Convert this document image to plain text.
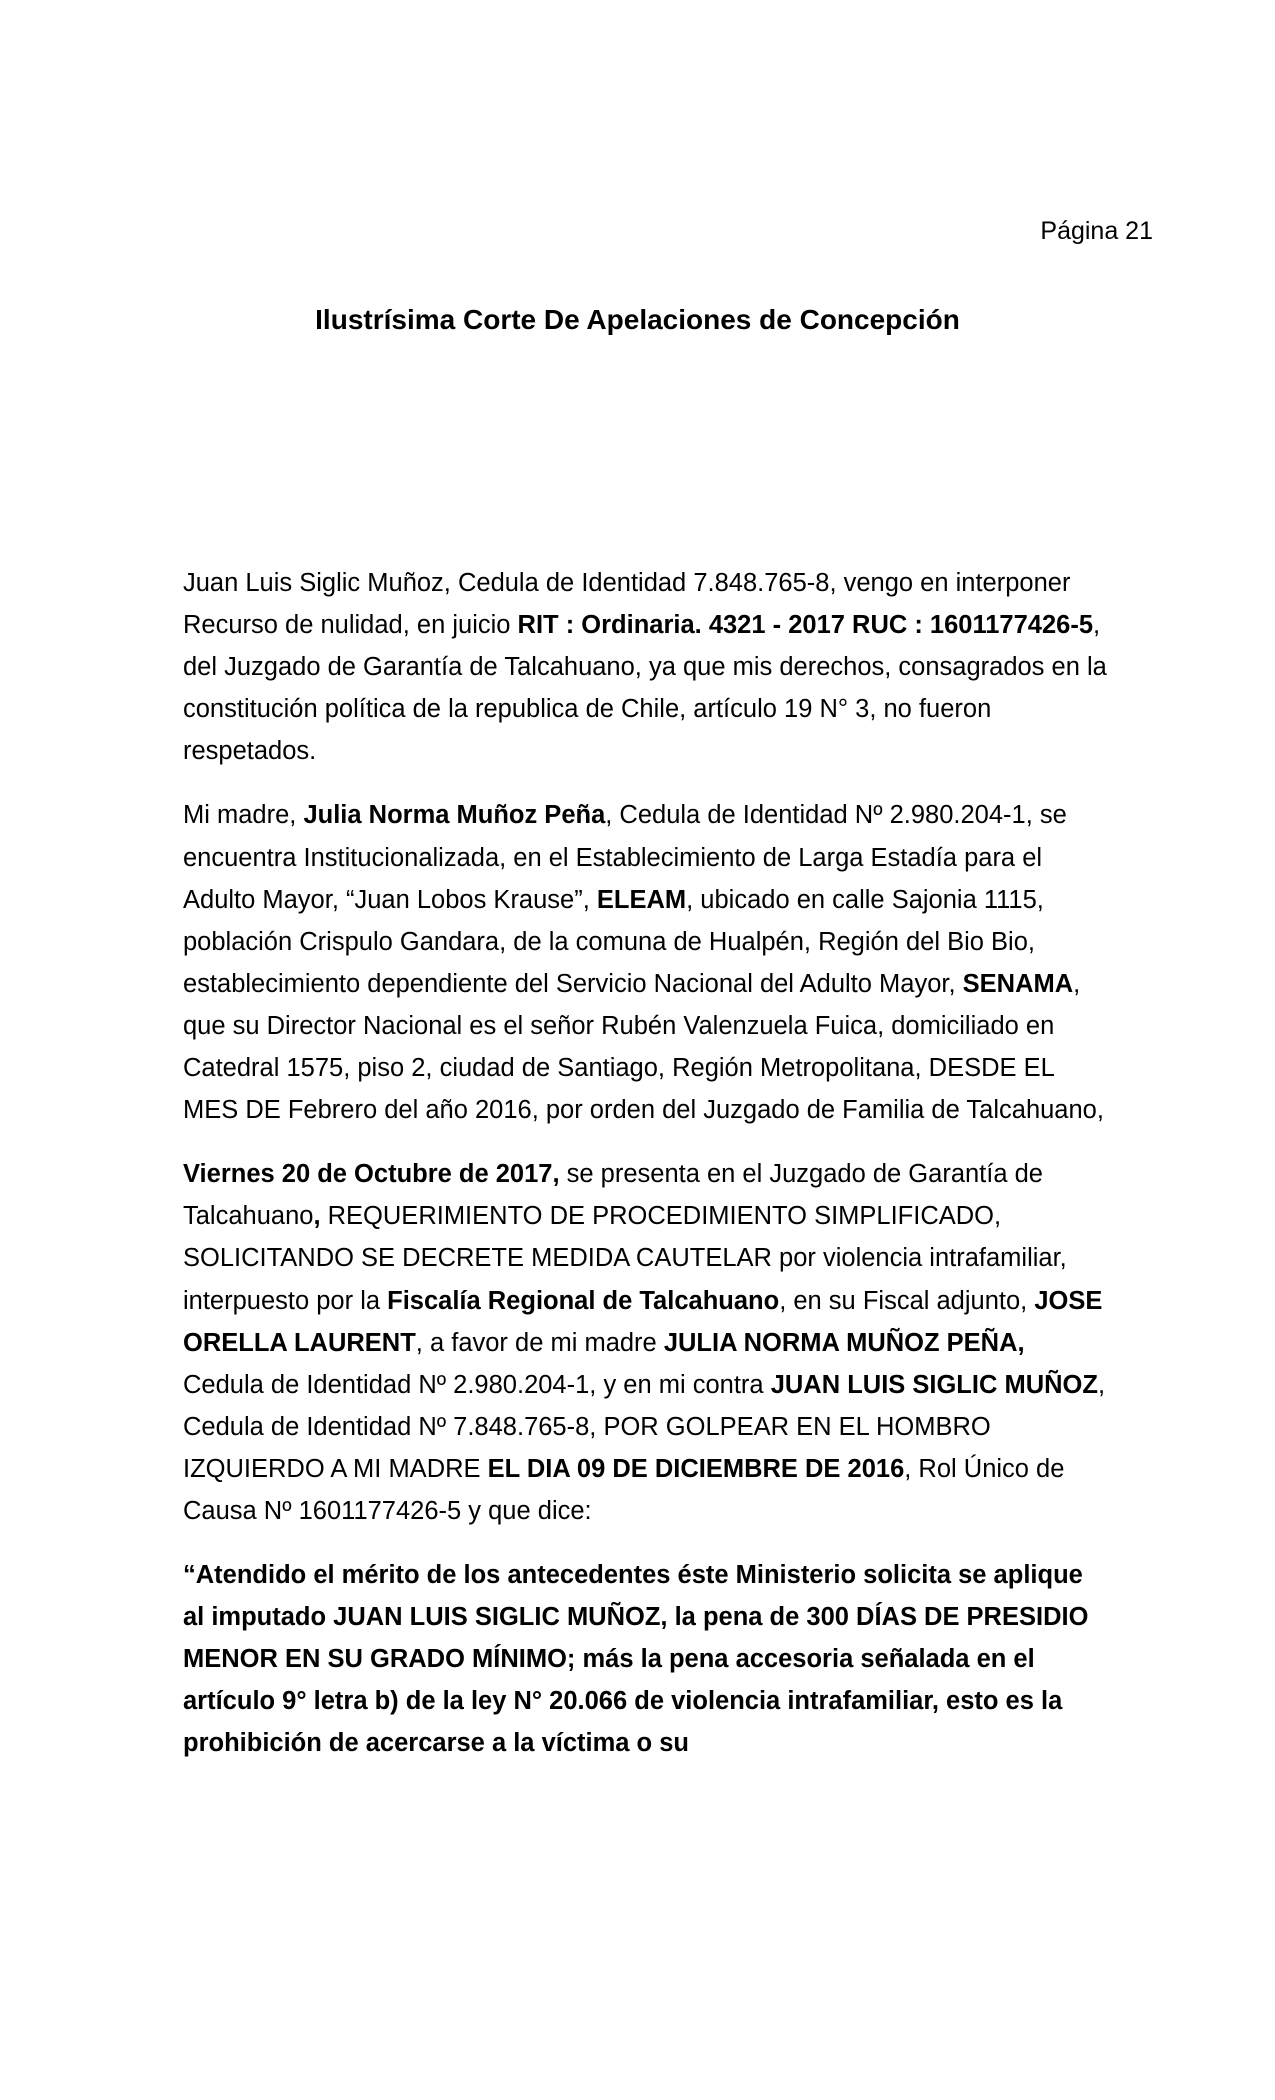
Página 21
Ilustrísima Corte De Apelaciones de Concepción

Juan Luis Siglic Muñoz, Cedula de Identidad 7.848.765-8, vengo en interponer Recurso de nulidad, en juicio RIT : Ordinaria. 4321 - 2017 RUC : 1601177426-5, del Juzgado de Garantía de Talcahuano, ya que mis derechos, consagrados en la constitución política de la republica de Chile, artículo 19 N° 3, no fueron respetados.

Mi madre, Julia Norma Muñoz Peña, Cedula de Identidad Nº 2.980.204-1, se encuentra Institucionalizada, en el Establecimiento de Larga Estadía para el Adulto Mayor, “Juan Lobos Krause”, ELEAM, ubicado en calle Sajonia 1115, población Crispulo Gandara, de la comuna de Hualpén, Región del Bio Bio, establecimiento dependiente del Servicio Nacional del Adulto Mayor, SENAMA, que su Director Nacional es el señor Rubén Valenzuela Fuica, domiciliado en Catedral 1575, piso 2, ciudad de Santiago, Región Metropolitana, DESDE EL MES DE Febrero del año 2016, por orden del Juzgado de Familia de Talcahuano,

Viernes 20 de Octubre de 2017, se presenta en el Juzgado de Garantía de Talcahuano, REQUERIMIENTO DE PROCEDIMIENTO SIMPLIFICADO, SOLICITANDO SE DECRETE MEDIDA CAUTELAR por violencia intrafamiliar, interpuesto por la Fiscalía Regional de Talcahuano, en su Fiscal adjunto, JOSE ORELLA LAURENT, a favor de mi madre JULIA NORMA MUÑOZ PEÑA, Cedula de Identidad Nº 2.980.204-1, y en mi contra JUAN LUIS SIGLIC MUÑOZ, Cedula de Identidad Nº 7.848.765-8, POR GOLPEAR EN EL HOMBRO IZQUIERDO A MI MADRE EL DIA 09 DE DICIEMBRE DE 2016, Rol Único de Causa Nº 1601177426-5 y que dice:

“Atendido el mérito de los antecedentes éste Ministerio solicita se aplique al imputado JUAN LUIS SIGLIC MUÑOZ, la pena de 300 DÍAS DE PRESIDIO MENOR EN SU GRADO MÍNIMO; más la pena accesoria señalada en el artículo 9° letra b) de la ley N° 20.066 de violencia intrafamiliar, esto es la prohibición de acercarse a la víctima o su
